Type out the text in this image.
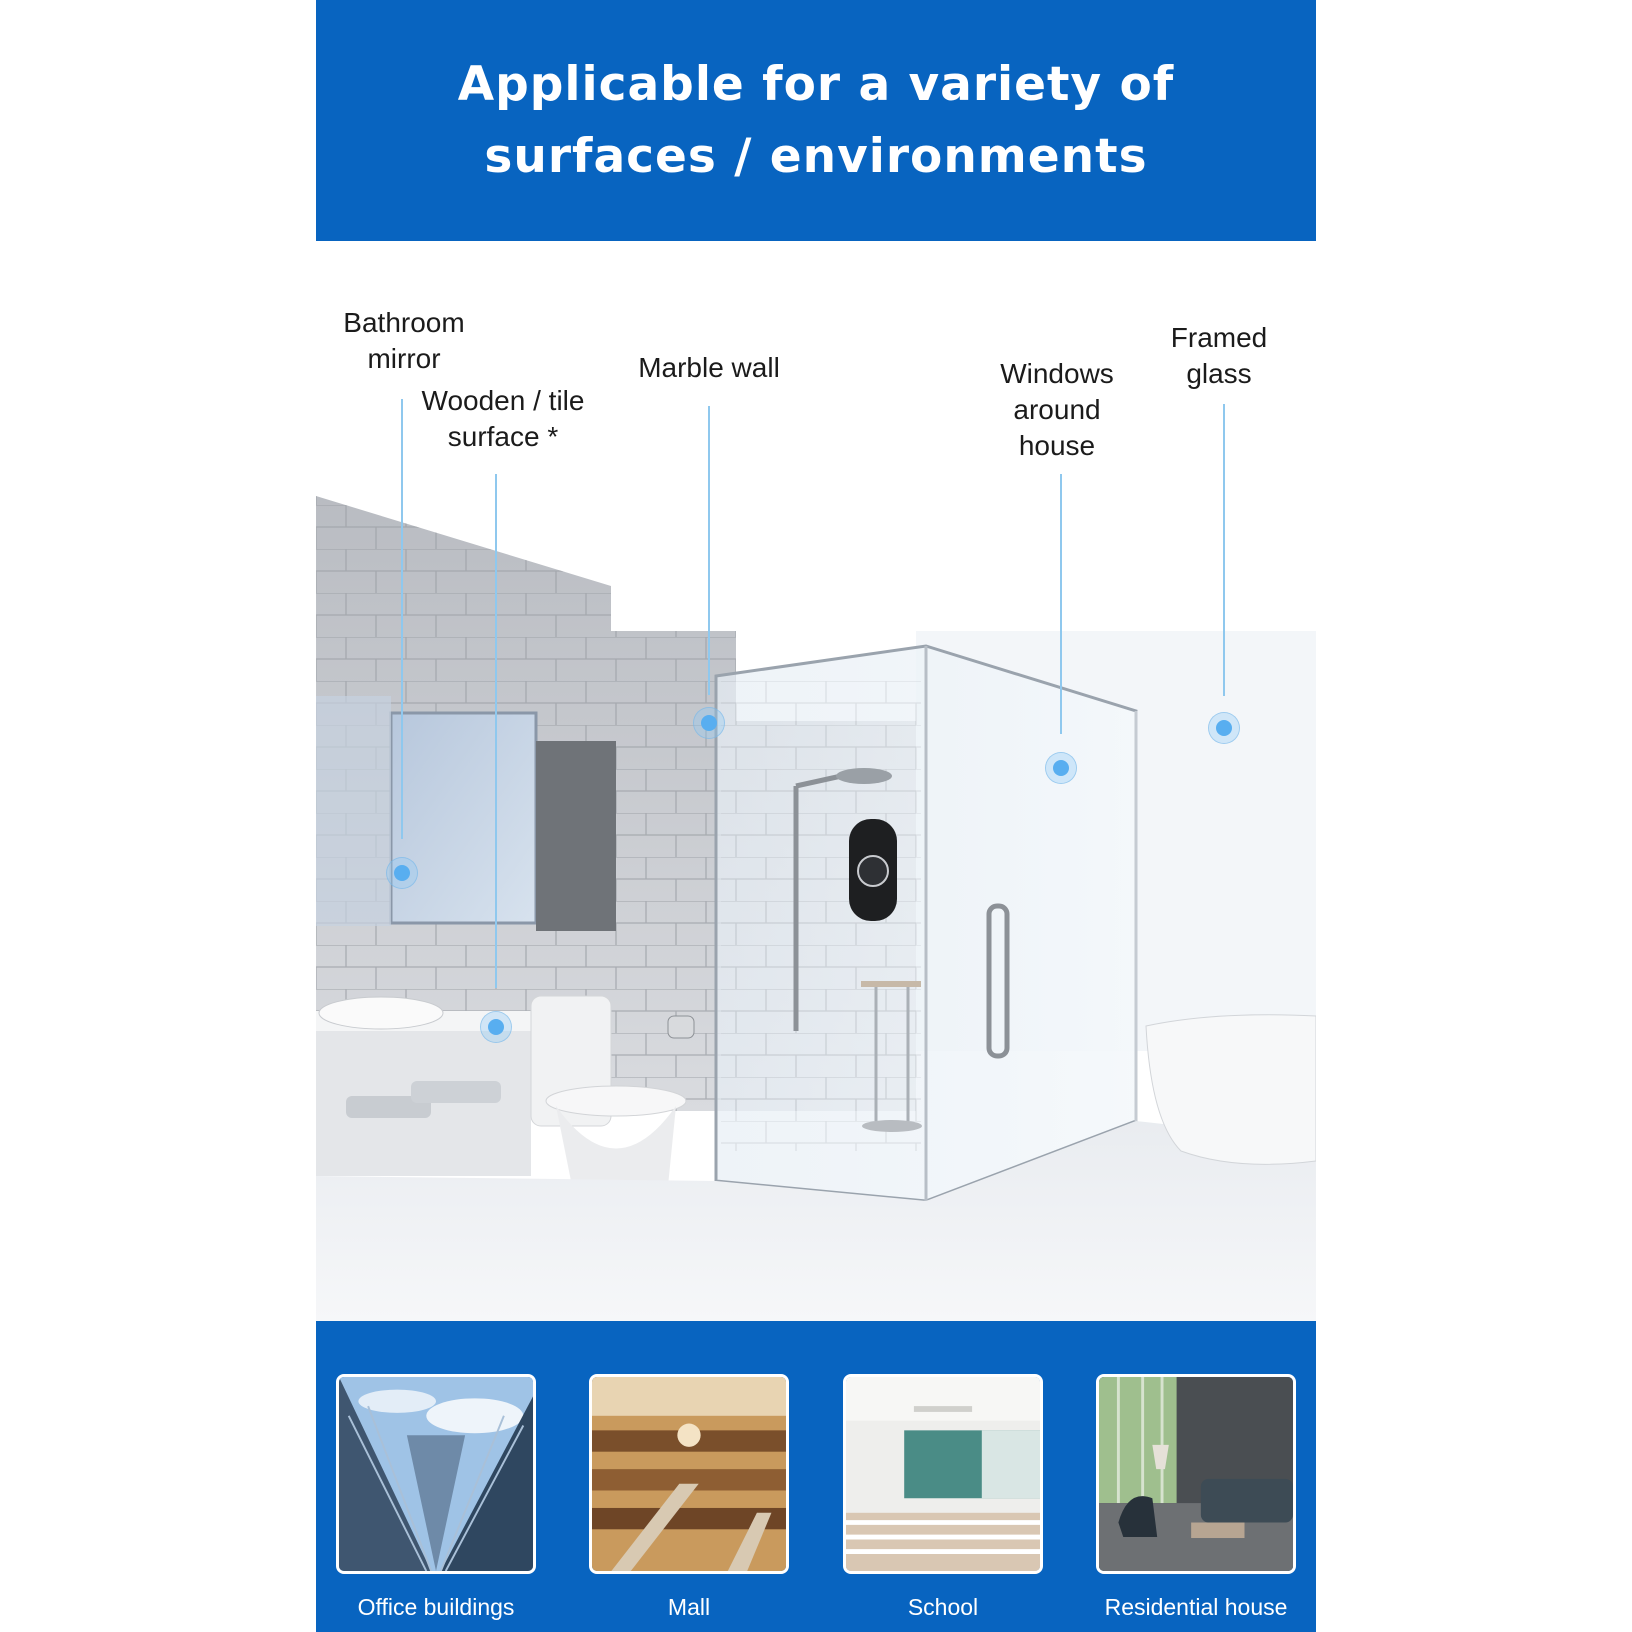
Applicable for a variety of
surfaces / environments
Bathroom
mirror
Wooden / tile
surface *
Marble wall	Windows
around
house
Framed
glass
Office buildings	Mall	School	Residential house
